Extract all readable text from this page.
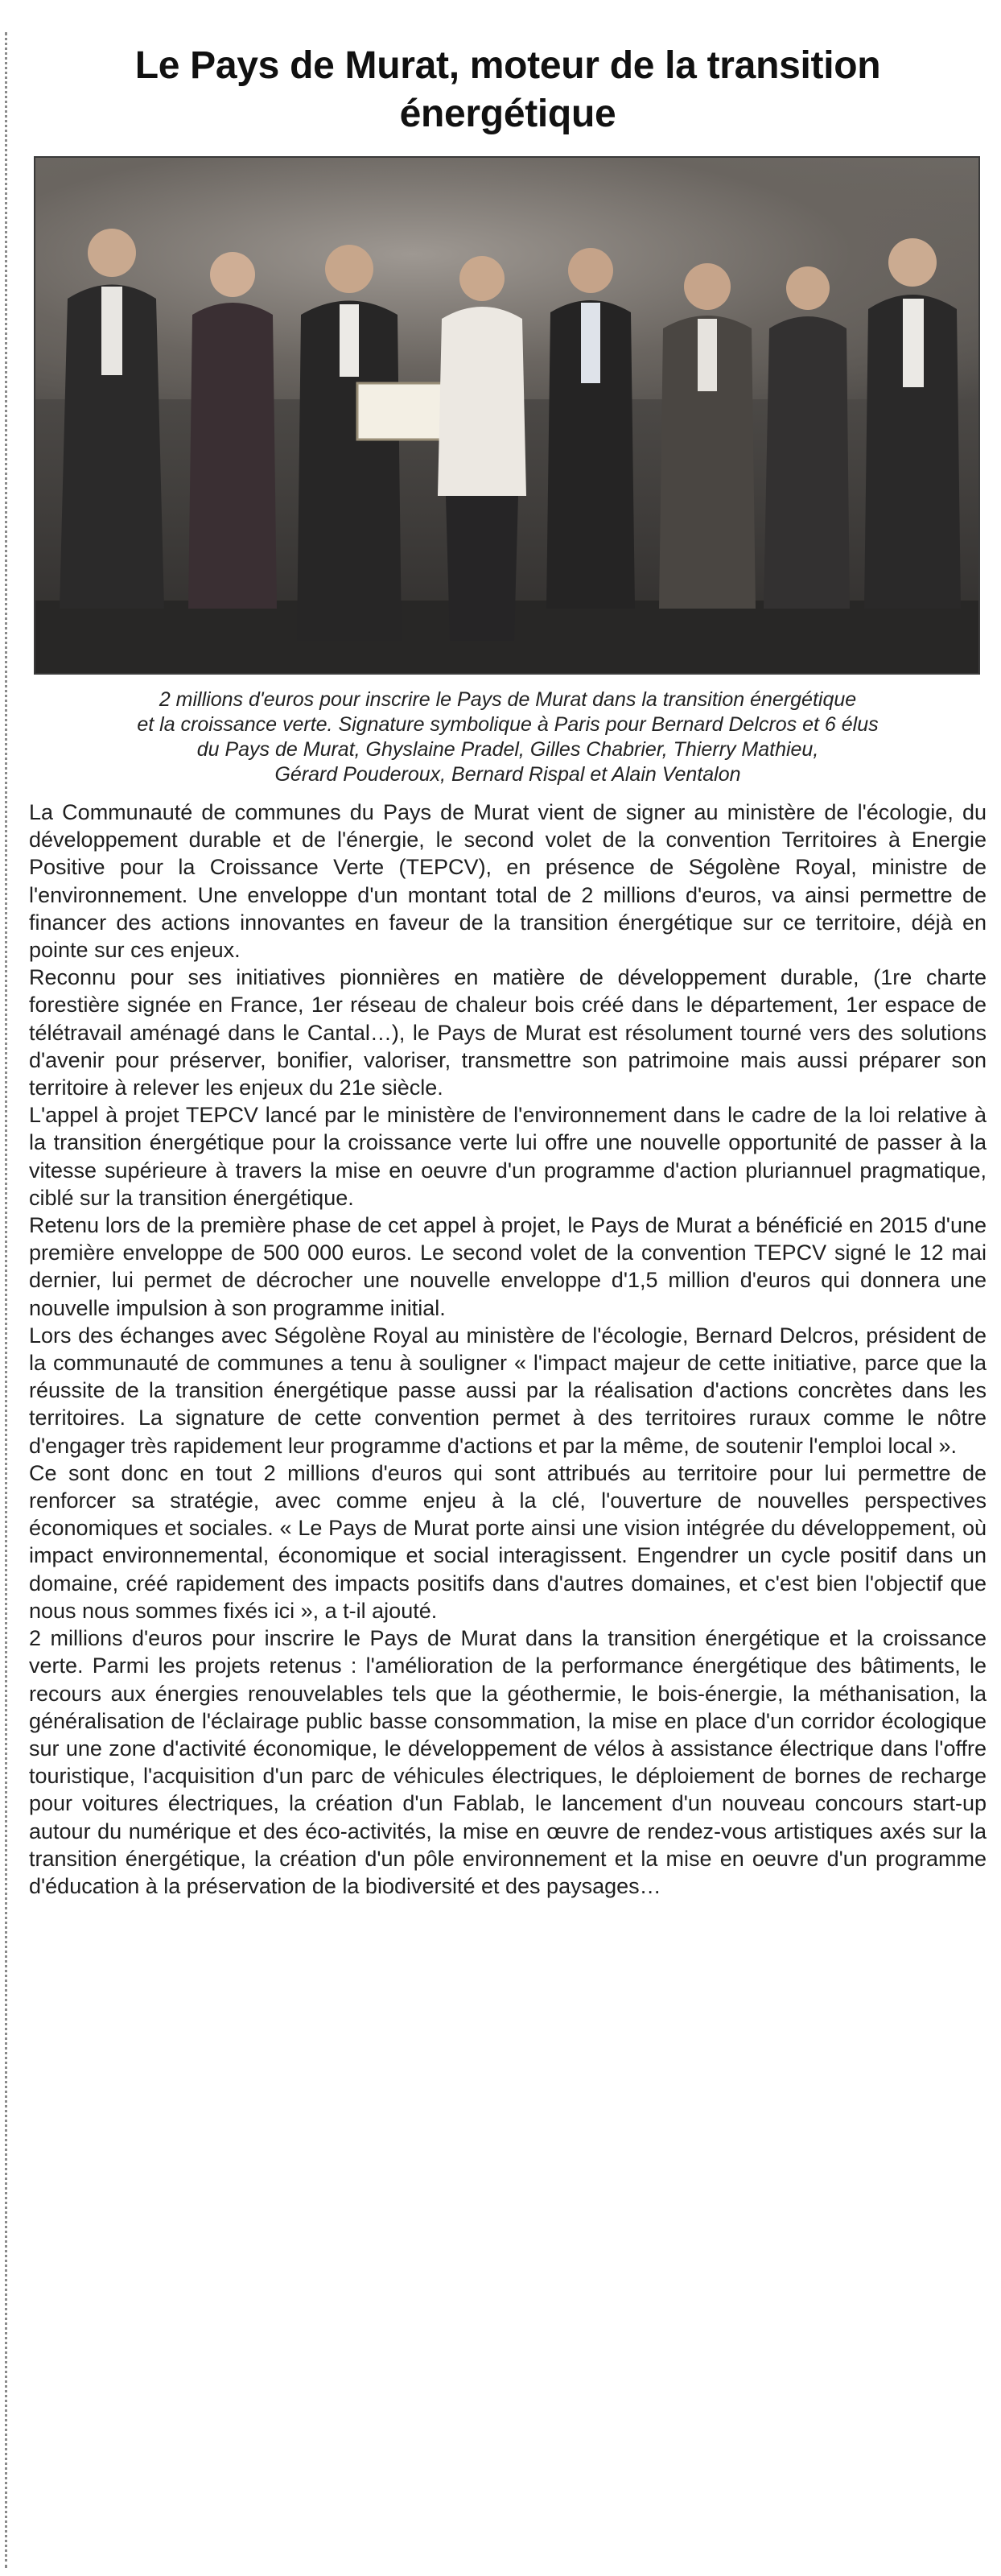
Le Pays de Murat, moteur de la transition énergétique

2 millions d'euros pour inscrire le Pays de Murat dans la transition énergétique
et la croissance verte. Signature symbolique à Paris pour Bernard Delcros et 6 élus
du Pays de Murat, Ghyslaine Pradel, Gilles Chabrier, Thierry Mathieu,
Gérard Pouderoux, Bernard Rispal et Alain Ventalon

La Communauté de communes du Pays de Murat vient de signer au ministère de l'écologie, du développement durable et de l'énergie, le second volet de la convention Territoires à Energie Positive pour la Croissance Verte (TEPCV), en présence de Ségolène Royal, ministre de l'environnement. Une enveloppe d'un montant total de 2 millions d'euros, va ainsi permettre de financer des actions innovantes en faveur de la transition énergétique sur ce territoire, déjà en pointe sur ces enjeux.

Reconnu pour ses initiatives pionnières en matière de développement durable, (1re charte forestière signée en France, 1er réseau de chaleur bois créé dans le département, 1er espace de télétravail aménagé dans le Cantal…), le Pays de Murat est résolument tourné vers des solutions d'avenir pour préserver, bonifier, valoriser, transmettre son patrimoine mais aussi préparer son territoire à relever les enjeux du 21e siècle.

L'appel à projet TEPCV lancé par le ministère de l'environnement dans le cadre de la loi relative à la transition énergétique pour la croissance verte lui offre une nouvelle opportunité de passer à la vitesse supérieure à travers la mise en oeuvre d'un programme d'action pluriannuel pragmatique, ciblé sur la transition énergétique.

Retenu lors de la première phase de cet appel à projet, le Pays de Murat a bénéficié en 2015 d'une première enveloppe de 500 000 euros. Le second volet de la convention TEPCV signé le 12 mai dernier, lui permet de décrocher une nouvelle enveloppe d'1,5 million d'euros qui donnera une nouvelle impulsion à son programme initial.

Lors des échanges avec Ségolène Royal au ministère de l'écologie, Bernard Delcros, président de la communauté de communes a tenu à souligner « l'impact majeur de cette initiative, parce que la réussite de la transition énergétique passe aussi par la réalisation d'actions concrètes dans les territoires. La signature de cette convention permet à des territoires ruraux comme le nôtre d'engager très rapidement leur programme d'actions et par la même, de soutenir l'emploi local ».

Ce sont donc en tout 2 millions d'euros qui sont attribués au territoire pour lui permettre de renforcer sa stratégie, avec comme enjeu à la clé, l'ouverture de nouvelles perspectives économiques et sociales. « Le Pays de Murat porte ainsi une vision intégrée du développement, où impact environnemental, économique et social interagissent. Engendrer un cycle positif dans un domaine, créé rapidement des impacts positifs dans d'autres domaines, et c'est bien l'objectif que nous nous sommes fixés ici », a t-il ajouté.

2 millions d'euros pour inscrire le Pays de Murat dans la transition énergétique et la croissance verte. Parmi les projets retenus : l'amélioration de la performance énergétique des bâtiments, le recours aux énergies renouvelables tels que la géothermie, le bois-énergie, la méthanisation, la généralisation de l'éclairage public basse consommation, la mise en place d'un corridor écologique sur une zone d'activité économique, le développement de vélos à assistance électrique dans l'offre touristique, l'acquisition d'un parc de véhicules électriques, le déploiement de bornes de recharge pour voitures électriques, la création d'un Fablab, le lancement d'un nouveau concours start-up autour du numérique et des éco-activités, la mise en œuvre de rendez-vous artistiques axés sur la transition énergétique, la création d'un pôle environnement et la mise en oeuvre d'un programme d'éducation à la préservation de la biodiversité et des paysages…
